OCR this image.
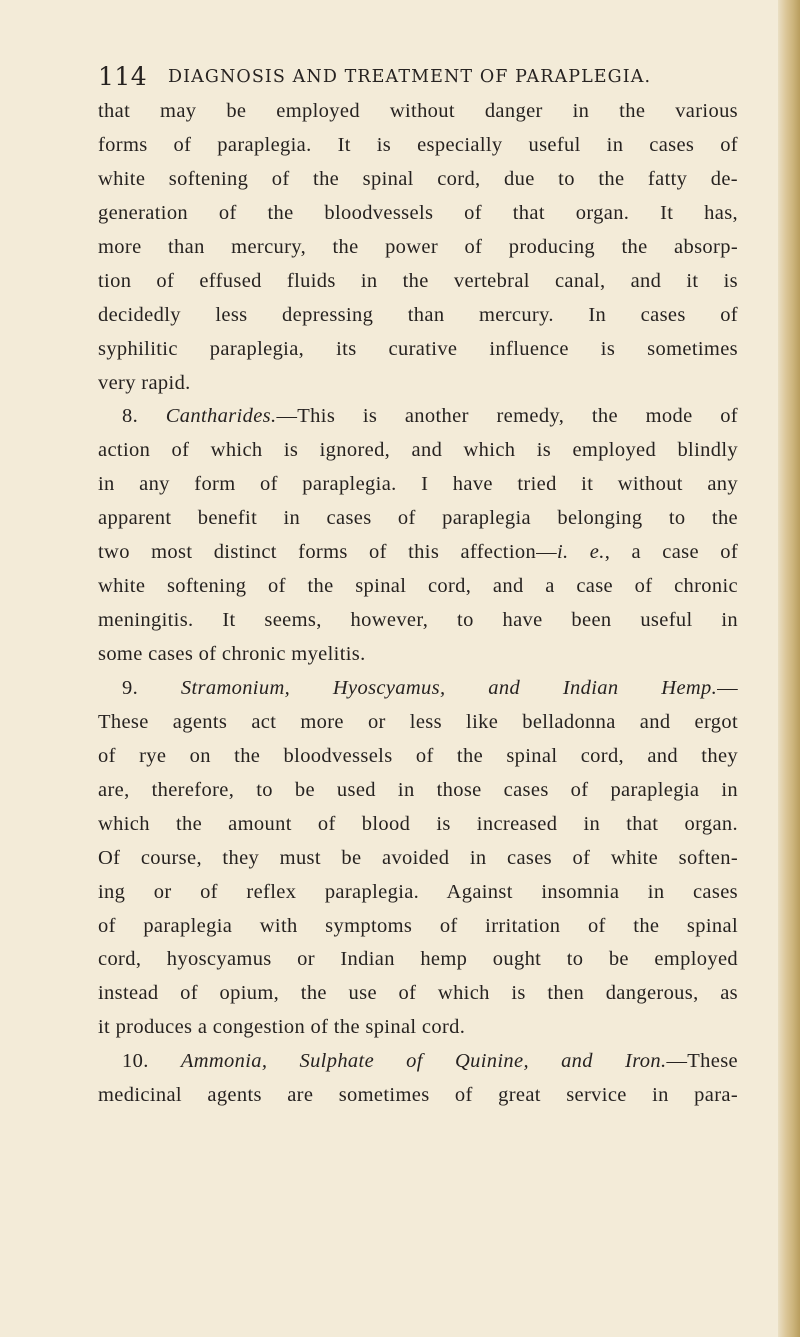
114 DIAGNOSIS AND TREATMENT OF PARAPLEGIA.
that may be employed without danger in the various
forms of paraplegia. It is especially useful in cases of
white softening of the spinal cord, due to the fatty de-
generation of the bloodvessels of that organ. It has,
more than mercury, the power of producing the absorp-
tion of effused fluids in the vertebral canal, and it is
decidedly less depressing than mercury. In cases of
syphilitic paraplegia, its curative influence is sometimes
very rapid.
8. Cantharides.—This is another remedy, the mode of
action of which is ignored, and which is employed blindly
in any form of paraplegia. I have tried it without any
apparent benefit in cases of paraplegia belonging to the
two most distinct forms of this affection—i. e., a case of
white softening of the spinal cord, and a case of chronic
meningitis. It seems, however, to have been useful in
some cases of chronic myelitis.
9. Stramonium, Hyoscyamus, and Indian Hemp.—
These agents act more or less like belladonna and ergot
of rye on the bloodvessels of the spinal cord, and they
are, therefore, to be used in those cases of paraplegia in
which the amount of blood is increased in that organ.
Of course, they must be avoided in cases of white soften-
ing or of reflex paraplegia. Against insomnia in cases
of paraplegia with symptoms of irritation of the spinal
cord, hyoscyamus or Indian hemp ought to be employed
instead of opium, the use of which is then dangerous, as
it produces a congestion of the spinal cord.
10. Ammonia, Sulphate of Quinine, and Iron.—These
medicinal agents are sometimes of great service in para-
